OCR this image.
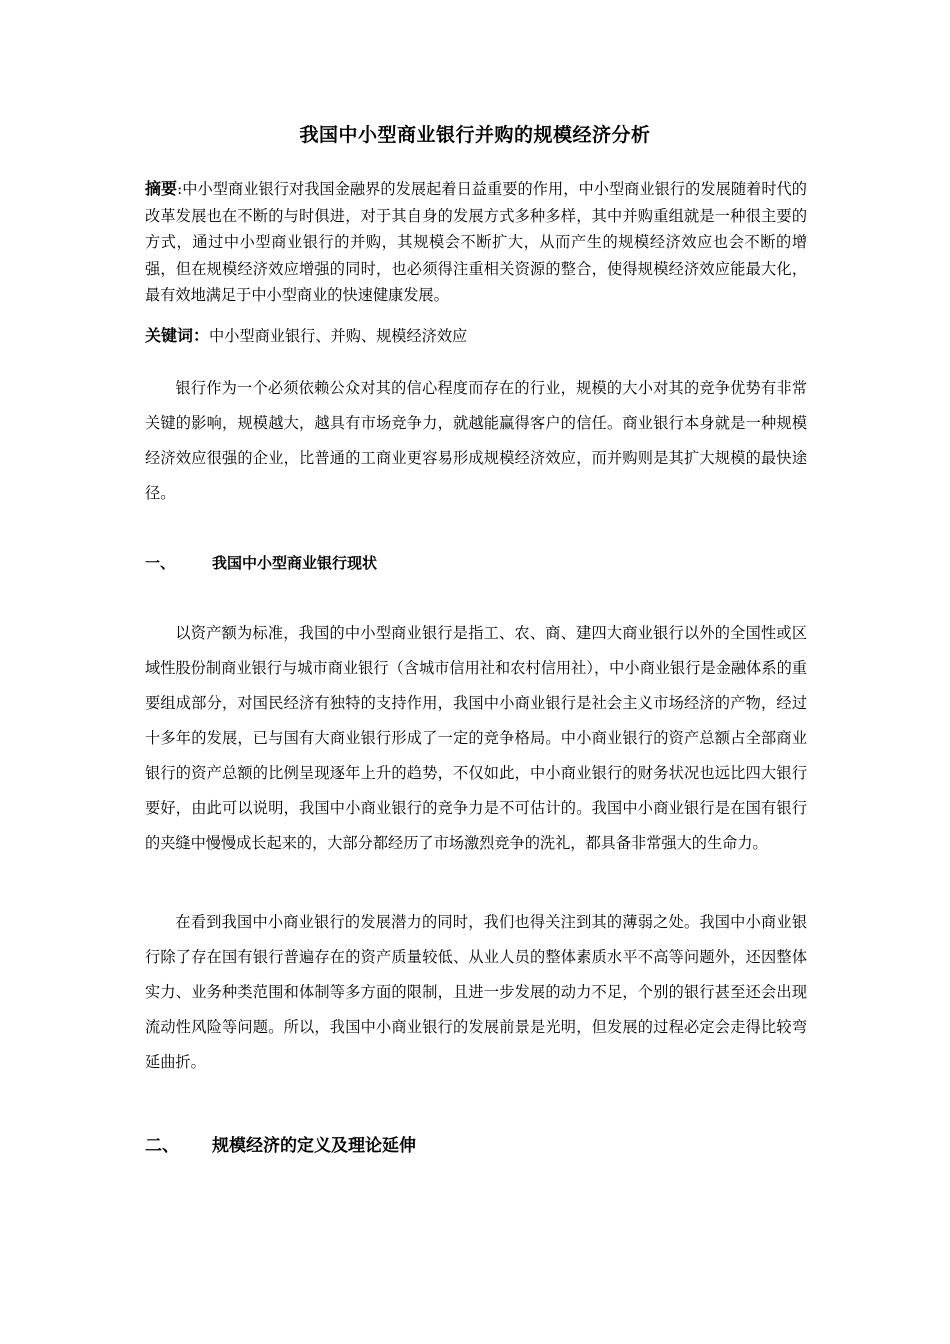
我国中小型商业银行并购的规模经济分析
摘要:中小型商业银行对我国金融界的发展起着日益重要的作用，中小型商业银行的发展随着时代的改革发展也在不断的与时俱进，对于其自身的发展方式多种多样，其中并购重组就是一种很主要的方式，通过中小型商业银行的并购，其规模会不断扩大，从而产生的规模经济效应也会不断的增强，但在规模经济效应增强的同时，也必须得注重相关资源的整合，使得规模经济效应能最大化，最有效地满足于中小型商业的快速健康发展。
关键词：中小型商业银行、并购、规模经济效应
银行作为一个必须依赖公众对其的信心程度而存在的行业，规模的大小对其的竞争优势有非常关键的影响，规模越大，越具有市场竞争力，就越能赢得客户的信任。商业银行本身就是一种规模经济效应很强的企业，比普通的工商业更容易形成规模经济效应，而并购则是其扩大规模的最快途径。
一、 我国中小型商业银行现状
以资产额为标准，我国的中小型商业银行是指工、农、商、建四大商业银行以外的全国性或区域性股份制商业银行与城市商业银行（含城市信用社和农村信用社），中小商业银行是金融体系的重要组成部分，对国民经济有独特的支持作用，我国中小商业银行是社会主义市场经济的产物，经过十多年的发展，已与国有大商业银行形成了一定的竞争格局。中小商业银行的资产总额占全部商业银行的资产总额的比例呈现逐年上升的趋势，不仅如此，中小商业银行的财务状况也远比四大银行要好，由此可以说明，我国中小商业银行的竞争力是不可估计的。我国中小商业银行是在国有银行的夹缝中慢慢成长起来的，大部分都经历了市场激烈竞争的洗礼，都具备非常强大的生命力。
在看到我国中小商业银行的发展潜力的同时，我们也得关注到其的薄弱之处。我国中小商业银行除了存在国有银行普遍存在的资产质量较低、从业人员的整体素质水平不高等问题外，还因整体实力、业务种类范围和体制等多方面的限制，且进一步发展的动力不足，个别的银行甚至还会出现流动性风险等问题。所以，我国中小商业银行的发展前景是光明，但发展的过程必定会走得比较弯延曲折。
二、 规模经济的定义及理论延伸
